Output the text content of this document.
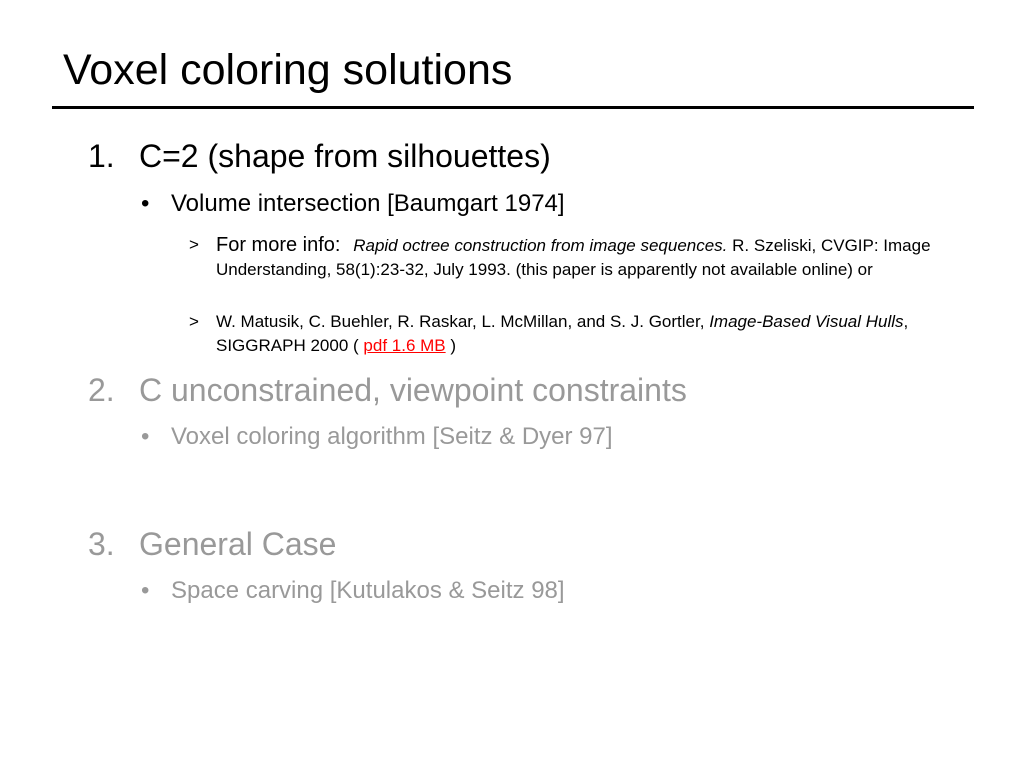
Voxel coloring solutions
1. C=2 (shape from silhouettes)
• Volume intersection [Baumgart 1974]
> For more info: Rapid octree construction from image sequences. R. Szeliski, CVGIP: Image Understanding, 58(1):23-32, July 1993. (this paper is apparently not available online) or
> W. Matusik, C. Buehler, R. Raskar, L. McMillan, and S. J. Gortler, Image-Based Visual Hulls, SIGGRAPH 2000 ( pdf 1.6 MB )
2. C unconstrained, viewpoint constraints
• Voxel coloring algorithm [Seitz & Dyer 97]
3. General Case
• Space carving [Kutulakos & Seitz 98]
